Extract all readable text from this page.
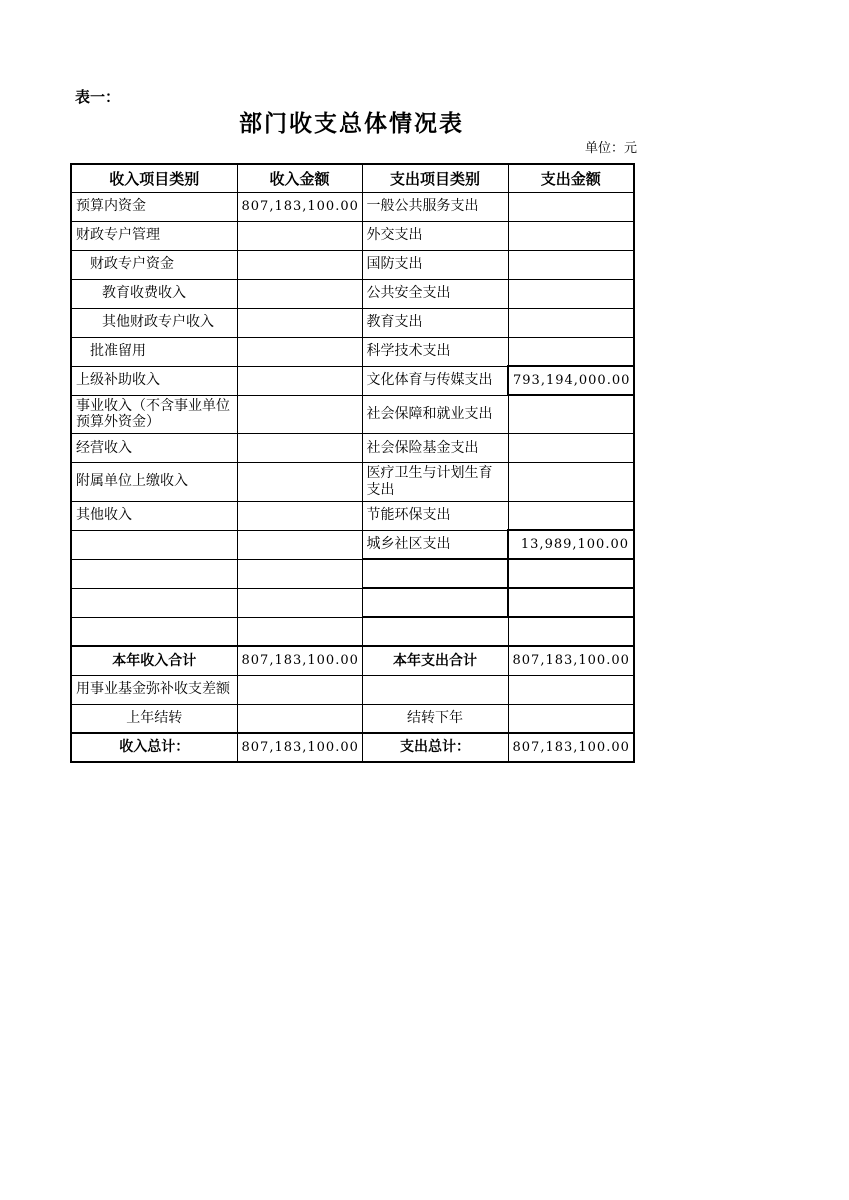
表一：
部门收支总体情况表
单位：元
收入项目类别	收入金额	支出项目类别	支出金额
预算内资金	807,183,100.00	一般公共服务支出	
财政专户管理		外交支出	
财政专户资金		国防支出	
教育收费收入		公共安全支出	
其他财政专户收入		教育支出	
批准留用		科学技术支出	
上级补助收入		文化体育与传媒支出	793,194,000.00
事业收入（不含事业单位预算外资金）		社会保障和就业支出	
经营收入		社会保险基金支出	
附属单位上缴收入		医疗卫生与计划生育支出	
其他收入		节能环保支出	
		城乡社区支出	13,989,100.00

本年收入合计	807,183,100.00	本年支出合计	807,183,100.00
用事业基金弥补收支差额			
上年结转		结转下年	
收入总计：	807,183,100.00	支出总计：	807,183,100.00
